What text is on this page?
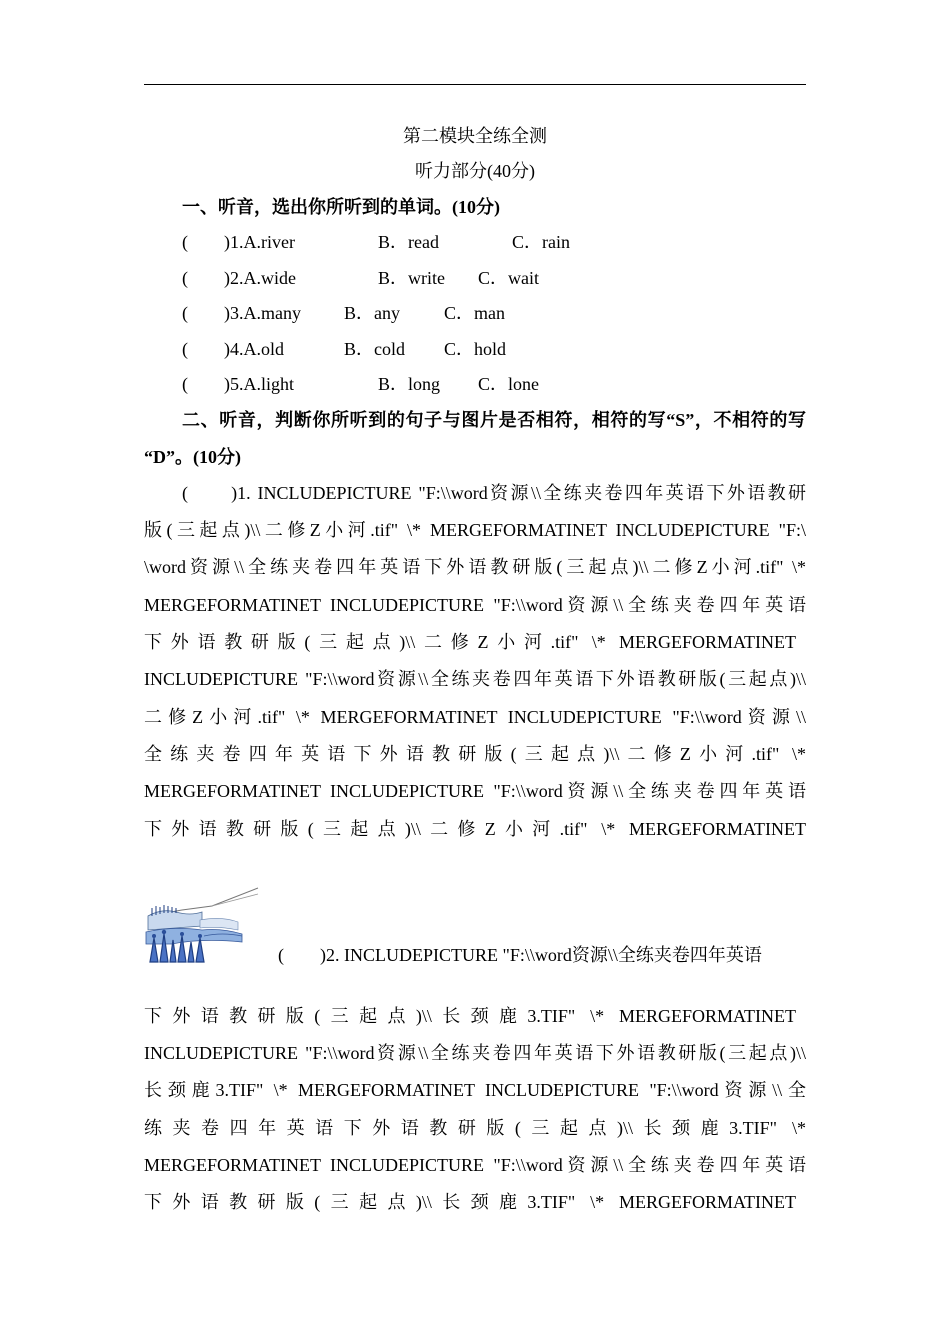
第二模块全练全测
听力部分(40分)
一、听音，选出你所听到的单词。(10分)
(　　)1.A.river	B．read	C．rain
(　　)2.A.wide	B．write C．wait
(　　)3.A.many B．any C．man
(　　)4.A.old	B．cold C．hold
(　　)5.A.light	B．long C．lone
二、听音，判断你所听到的句子与图片是否相符，相符的写“S”，不相符的写
“D”。(10分)
(　　)1. INCLUDEPICTURE "F:\\word资源\\全练夹卷四年英语下外语教研
版(三起点)\\二修Z小河.tif" \* MERGEFORMATINET INCLUDEPICTURE "F:\
\word资源\\全练夹卷四年英语下外语教研版(三起点)\\二修Z小河.tif" \*
MERGEFORMATINET INCLUDEPICTURE "F:\\word资源\\全练夹卷四年英语
下外语教研版(三起点)\\二修Z小河.tif" \* MERGEFORMATINET
INCLUDEPICTURE "F:\\word资源\\全练夹卷四年英语下外语教研版(三起点)\\
二修Z小河.tif" \* MERGEFORMATINET INCLUDEPICTURE "F:\\word资源\\
全练夹卷四年英语下外语教研版(三起点)\\二修Z小河.tif" \*
MERGEFORMATINET INCLUDEPICTURE "F:\\word资源\\全练夹卷四年英语
下外语教研版(三起点)\\二修Z小河.tif" \* MERGEFORMATINET
(　　)2. INCLUDEPICTURE "F:\\word资源\\全练夹卷四年英语
下外语教研版(三起点)\\长颈鹿3.TIF" \* MERGEFORMATINET
INCLUDEPICTURE "F:\\word资源\\全练夹卷四年英语下外语教研版(三起点)\\
长颈鹿3.TIF" \* MERGEFORMATINET INCLUDEPICTURE "F:\\word资源\\全
练夹卷四年英语下外语教研版(三起点)\\长颈鹿3.TIF" \*
MERGEFORMATINET INCLUDEPICTURE "F:\\word资源\\全练夹卷四年英语
下外语教研版(三起点)\\长颈鹿3.TIF" \* MERGEFORMATINET
